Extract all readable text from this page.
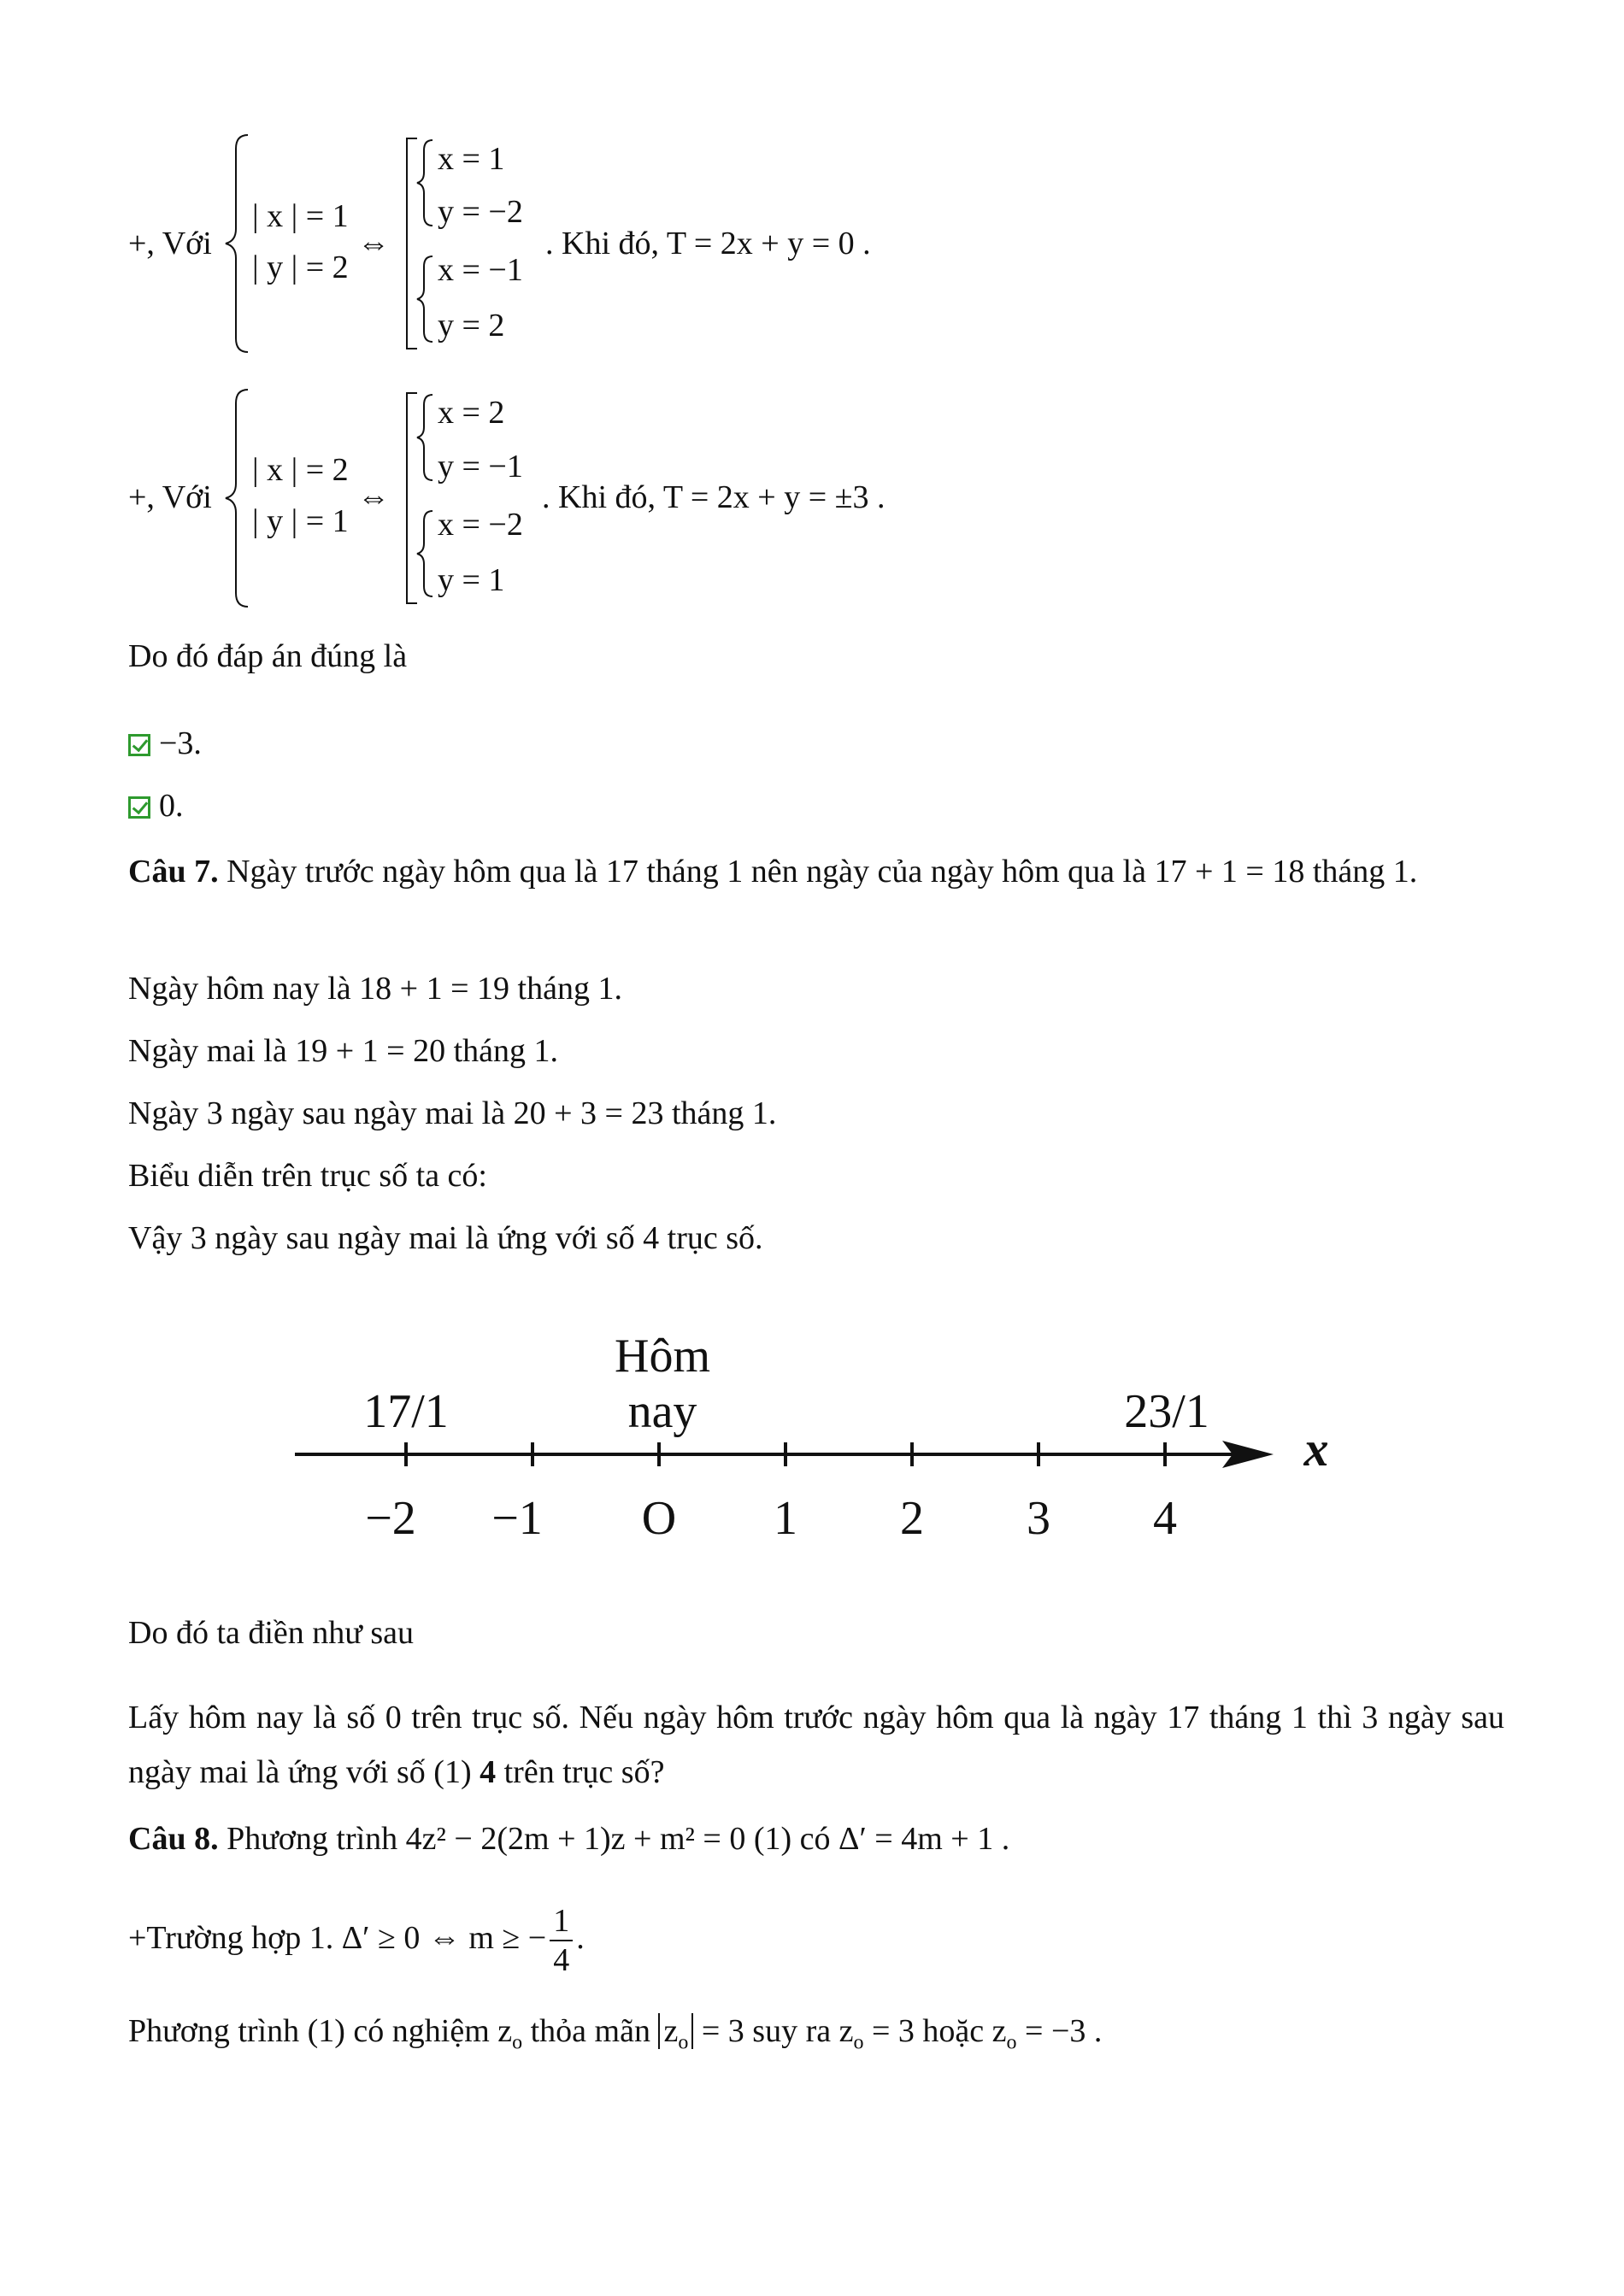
+, Với
| x | = 1
| y | = 2
⇔
x = 1
y = −2
x = −1
y = 2
. Khi đó, T = 2x + y = 0 .
+, Với
| x | = 2
| y | = 1
⇔
x = 2
y = −1
x = −2
y = 1
. Khi đó, T = 2x + y = ±3 .
Do đó đáp án đúng là
−3.
0.
Câu 7. Ngày trước ngày hôm qua là 17 tháng 1 nên ngày của ngày hôm qua là 17 + 1 = 18 tháng 1.
Ngày hôm nay là 18 + 1 = 19 tháng 1.
Ngày mai là 19 + 1 = 20 tháng 1.
Ngày 3 ngày sau ngày mai là 20 + 3 = 23 tháng 1.
Biểu diễn trên trục số ta có:
Vậy 3 ngày sau ngày mai là ứng với số 4 trục số.
−2 −1 O 1 2 3 4
17/1
Hôm
nay	23/1
x
Do đó ta điền như sau
Lấy hôm nay là số 0 trên trục số. Nếu ngày hôm trước ngày hôm qua là ngày 17 tháng 1 thì 3 ngày sau ngày mai là ứng với số (1) 4 trên trục số?
Câu 8. Phương trình 4z² − 2(2m + 1)z + m² = 0 (1) có Δ′ = 4m + 1 .
+Trường hợp 1. Δ′ ≥ 0 ⇔ m ≥ − $\frac{1}{4}$ .
Phương trình (1) có nghiệm $z_o$ thỏa mãn $z_o = 3$ suy ra $z_o = 3$ hoặc $z_o = -3$ .
